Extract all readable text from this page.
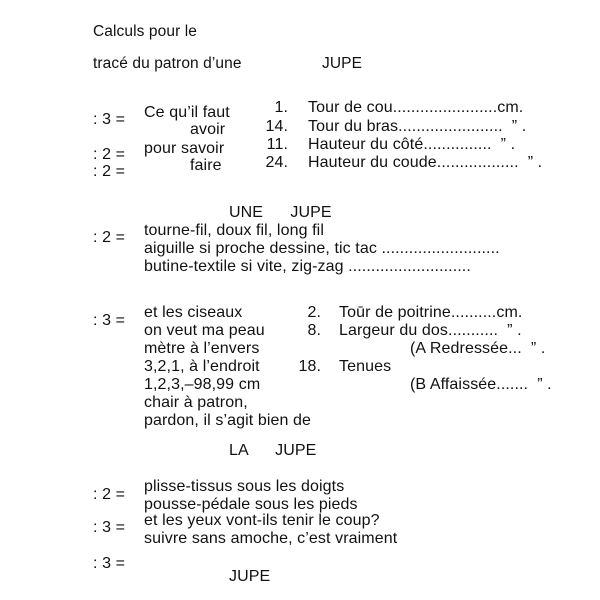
Calculs pour le
tracé du patron d’une	JUPE
: 3 =
: 2 =
: 2 =
Ce qu’il faut
avoir
pour savoir
faire
1.
14.
11.
24.
Tour de cou.......................cm.
Tour du bras.......................  ” .
Hauteur du côté...............  ” .
Hauteur du coude..................  ” .
UNE      JUPE
: 2 = tourne-fil, doux fil, long fil
aiguille si proche dessine, tic tac ..........................
butine-textile si vite, zig-zag ...........................
: 3 = et les ciseaux
on veut ma peau
mètre à l’envers
3,2,1, à l’endroit
1,2,3,–98,99 cm
chair à patron,
pardon, il s’agit bien de
2.
8.
18.
Toūr de poitrine..........cm.
Largeur du dos...........  ” .
(A Redressée...  ” .
Tenues
(B Affaissée.......  ” .
LA      JUPE
: 2 =
: 3 =
: 3 =
plisse-tissus sous les doigts
pousse-pédale sous les pieds
et les yeux vont-ils tenir le coup?
suivre sans amoche, c’est vraiment
JUPE
